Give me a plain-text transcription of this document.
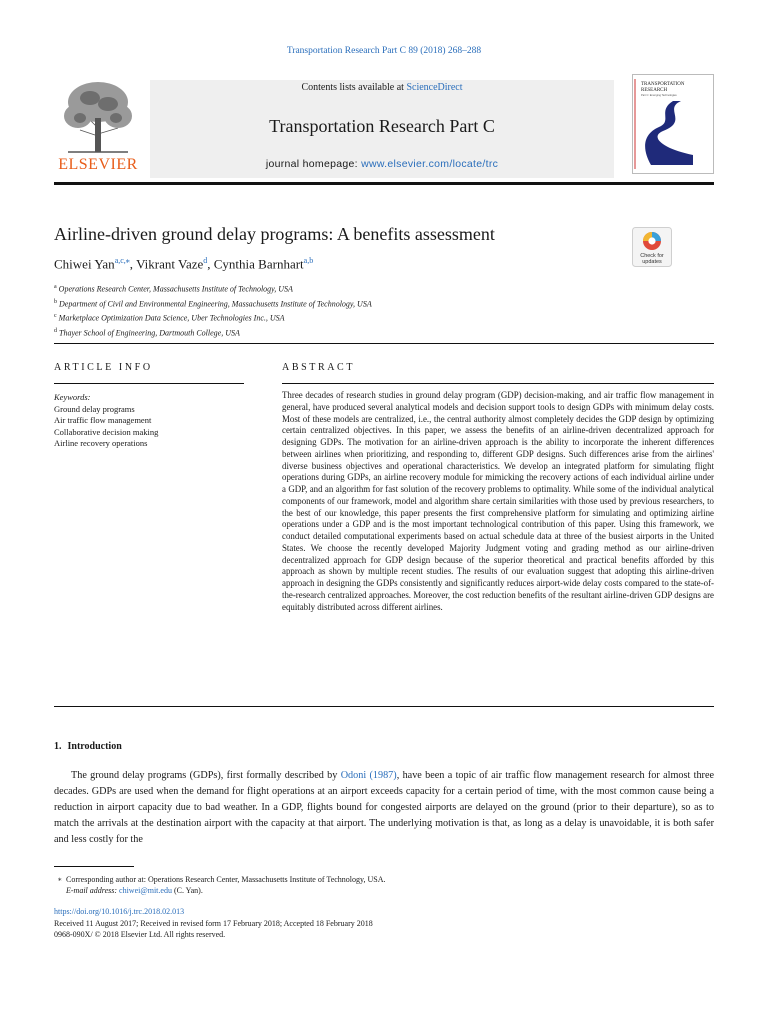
Transportation Research Part C 89 (2018) 268–288
ELSEVIER
Contents lists available at ScienceDirect
Transportation Research Part C
journal homepage: www.elsevier.com/locate/trc
TRANSPORTATION
RESEARCH
Part C: Emerging Technologies
Airline-driven ground delay programs: A benefits assessment
Check for
updates
Chiwei Yan$^{a,c,⁎}$, Vikrant Vaze$^d$, Cynthia Barnhart$^{a,b}$
$^a$ Operations Research Center, Massachusetts Institute of Technology, USA
$^b$ Department of Civil and Environmental Engineering, Massachusetts Institute of Technology, USA
$^c$ Marketplace Optimization Data Science, Uber Technologies Inc., USA
$^d$ Thayer School of Engineering, Dartmouth College, USA
ARTICLE INFO
Keywords:
Ground delay programs
Air traffic flow management
Collaborative decision making
Airline recovery operations
ABSTRACT
Three decades of research studies in ground delay program (GDP) decision-making, and air traffic flow management in general, have produced several analytical models and decision support tools to design GDPs with minimum delay costs. Most of these models are centralized, i.e., the central authority almost completely decides the GDP design by optimizing certain centralized objectives. In this paper, we assess the benefits of an airline-driven decentralized approach for designing GDPs. The motivation for an airline-driven approach is the ability to incorporate the inherent differences between airlines when prioritizing, and responding to, different GDP designs. Such differences arise from the airlines' diverse business objectives and operational characteristics. We develop an integrated platform for simulating flight operations during GDPs, an airline recovery module for mimicking the recovery actions of each individual airline under a GDP, and an algorithm for fast solution of the recovery problems to optimality. While some of the individual analytical components of our framework, model and algorithm share certain similarities with those used by previous researchers, to the best of our knowledge, this paper presents the first comprehensive platform for simulating and optimizing airline operations under a GDP and is the most important technological contribution of this paper. Using this framework, we conduct detailed computational experiments based on actual schedule data at three of the busiest airports in the United States. We choose the recently developed Majority Judgment voting and grading method as our airline-driven decentralized approach for GDP design because of the superior theoretical and practical benefits afforded by this approach as shown by multiple recent studies. The results of our evaluation suggest that adopting this airline-driven approach in designing the GDPs consistently and significantly reduces airport-wide delay costs compared to the state-of-the-research centralized approaches. Moreover, the cost reduction benefits of the resultant airline-driven GDP designs are equitably distributed across different airlines.
1. Introduction
The ground delay programs (GDPs), first formally described by Odoni (1987), have been a topic of air traffic flow management research for almost three decades. GDPs are used when the demand for flight operations at an airport exceeds capacity for a certain period of time, with the most common cause being a reduction in airport capacity due to bad weather. In a GDP, flights bound for congested airports are delayed on the ground (prior to their departure), so as to match the arrivals at the destination airport with the capacity at that airport. The underlying motivation is that, as long as a delay is unavoidable, it is both safer and less costly for the
⁎ Corresponding author at: Operations Research Center, Massachusetts Institute of Technology, USA.
E-mail address: chiwei@mit.edu (C. Yan).
https://doi.org/10.1016/j.trc.2018.02.013
Received 11 August 2017; Received in revised form 17 February 2018; Accepted 18 February 2018
0968-090X/ © 2018 Elsevier Ltd. All rights reserved.
